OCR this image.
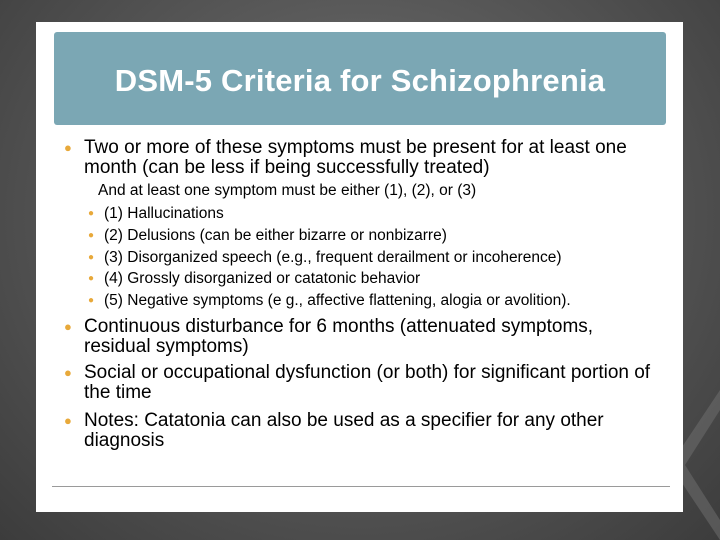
DSM-5 Criteria for Schizophrenia
● Two or more of these symptoms must be present for at least one month (can be less if being successfully treated)
And at least one symptom must be either (1), (2), or (3)
● (1) Hallucinations
● (2) Delusions (can be either bizarre or nonbizarre)
● (3) Disorganized speech (e.g., frequent derailment or incoherence)
● (4) Grossly disorganized or catatonic behavior
● (5) Negative symptoms (e g., affective flattening, alogia or avolition).
● Continuous disturbance for 6 months (attenuated symptoms, residual symptoms)
● Social or occupational dysfunction (or both) for significant portion of the time
● Notes: Catatonia can also be used as a specifier for any other diagnosis
